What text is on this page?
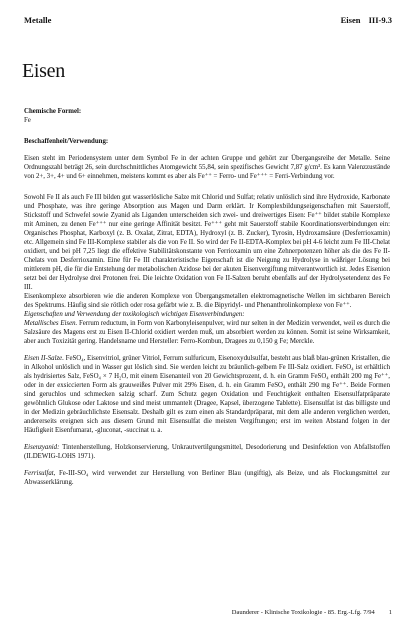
Metalle	Eisen III-9.3
Eisen

Chemische Formel:

Fe

Beschaffenheit/Verwendung:

Eisen steht im Periodensystem unter dem Symbol Fe in der achten Gruppe und gehört zur Übergangsreihe der Metalle. Seine Ordnungszahl beträgt 26, sein durchschnittliches Atomgewicht 55,84, sein spezifisches Gewicht 7,87 g/cm³. Es kann Valenzzustände von 2+, 3+, 4+ und 6+ einnehmen, meistens kommt es aber als Fe⁺⁺ = Ferro- und Fe⁺⁺⁺ = Ferri-Verbindung vor.

Sowohl Fe II als auch Fe III bilden gut wasserlösliche Salze mit Chlorid und Sulfat; relativ unlöslich sind ihre Hydroxide, Karbonate und Phosphate, was ihre geringe Absorption aus Magen und Darm erklärt. Ir Komplexbildungseigenschaften mit Sauerstoff, Stickstoff und Schwefel sowie Zyanid als Liganden unterscheiden sich zwei- und dreiwertiges Eisen: Fe⁺⁺ bildet stabile Komplexe mit Aminen, zu denen Fe⁺⁺⁺ nur eine geringe Affinität besitzt. Fe⁺⁺⁺ geht mit Sauerstoff stabile Koordinationsverbindungen ein: Organisches Phosphat, Karboxyl (z. B. Oxalat, Zitrat, EDTA), Hydroxyl (z. B. Zucker), Tyrosin, Hydroxamsäure (Desferrioxamin) etc. Allgemein sind Fe III-Komplexe stabiler als die von Fe II. So wird der Fe II-EDTA-Komplex bei pH 4-6 leicht zum Fe III-Chelat oxidiert, und bei pH 7,25 liegt die effektive Stabilitätskonstante von Ferrioxamin um eine Zehnerpotenzen höher als die des Fe II-Chelats von Desferrioxamin. Eine für Fe III charakteristische Eigenschaft ist die Neigung zu Hydrolyse in wäßriger Lösung bei mittlerem pH, die für die Entstehung der metabolischen Azidose bei der akuten Eisenvergiftung mitverantwortlich ist. Jedes Eisenion setzt bei der Hydrolyse drei Protonen frei. Die leichte Oxidation von Fe II-Salzen beruht ebenfalls auf der Hydrolysetendenz des Fe III.

Eisenkomplexe absorbieren wie die anderen Komplexe von Übergangsmetallen elektromagnetische Wellen im sichtbaren Bereich des Spektrums. Häufig sind sie rötlich oder rosa gefärbt wie z. B. die Bipyridyl- und Phenanthrolinkomplexe von Fe⁺⁺.

Eigenschaften und Verwendung der toxikologisch wichtigen Eisenverbindungen:

Metallisches Eisen. Ferrum reductum, in Form von Karbonyleisenpulver, wird nur selten in der Medizin verwendet, weil es durch die Salzsäure des Magens erst zu Eisen II-Chlorid oxidiert werden muß, um absorbiert werden zu können. Somit ist seine Wirksamkeit, aber auch Toxizität gering. Handelsname und Hersteller: Ferro-Kombun, Dragees zu 0,150 g Fe; Merckle.

Eisen II-Salze. FeSO₄, Eisenvitriol, grüner Vitriol, Ferrum sulfuricum, Eisenoxydulsulfat, besteht aus blaß blau-grünen Kristallen, die in Alkohol unlöslich und in Wasser gut löslich sind. Sie werden leicht zu bräunlich-gelbem Fe III-Salz oxidiert. FeSO₄ ist erhältlich als hydrisiertes Salz, FeSO₄ × 7 H₂O, mit einem Eisenanteil von 20 Gewichtsprozent, d. h. ein Gramm FeSO₄ enthält 200 mg Fe⁺⁺, oder in der exsiccierten Form als grauweißes Pulver mit 29% Eisen, d. h. ein Gramm FeSO₄ enthält 290 mg Fe⁺⁺. Beide Formen sind geruchlos und schmecken salzig scharf. Zum Schutz gegen Oxidation und Feuchtigkeit enthalten Eisensulfatpräparate gewöhnlich Glukose oder Laktose und sind meist ummantelt (Dragee, Kapsel, überzogene Tablette). Eisensulfat ist das billigste und in der Medizin gebräuchlichste Eisensalz. Deshalb gilt es zum einen als Standardpräparat, mit dem alle anderen verglichen werden, andererseits ereignen sich aus diesem Grund mit Eisensulfat die meisten Vergiftungen; erst im weiten Abstand folgen in der Häufigkeit Eisenfumarat, -gluconat, -succinat u. a.

Eisenzyanid: Tintenherstellung, Holzkonservierung, Unkrautvertilgungsmittel, Desodorierung und Desinfektion von Abfallstoffen (ILDEWIG-LOHS 1971).

Ferrisulfat, Fe-III-SO₄ wird verwendet zur Herstellung von Berliner Blau (ungiftig), als Beize, und als Flockungsmittel zur Abwasserklärung.

Daunderer - Klinische Toxikologie - 85. Erg.-Lfg. 7/94 1
